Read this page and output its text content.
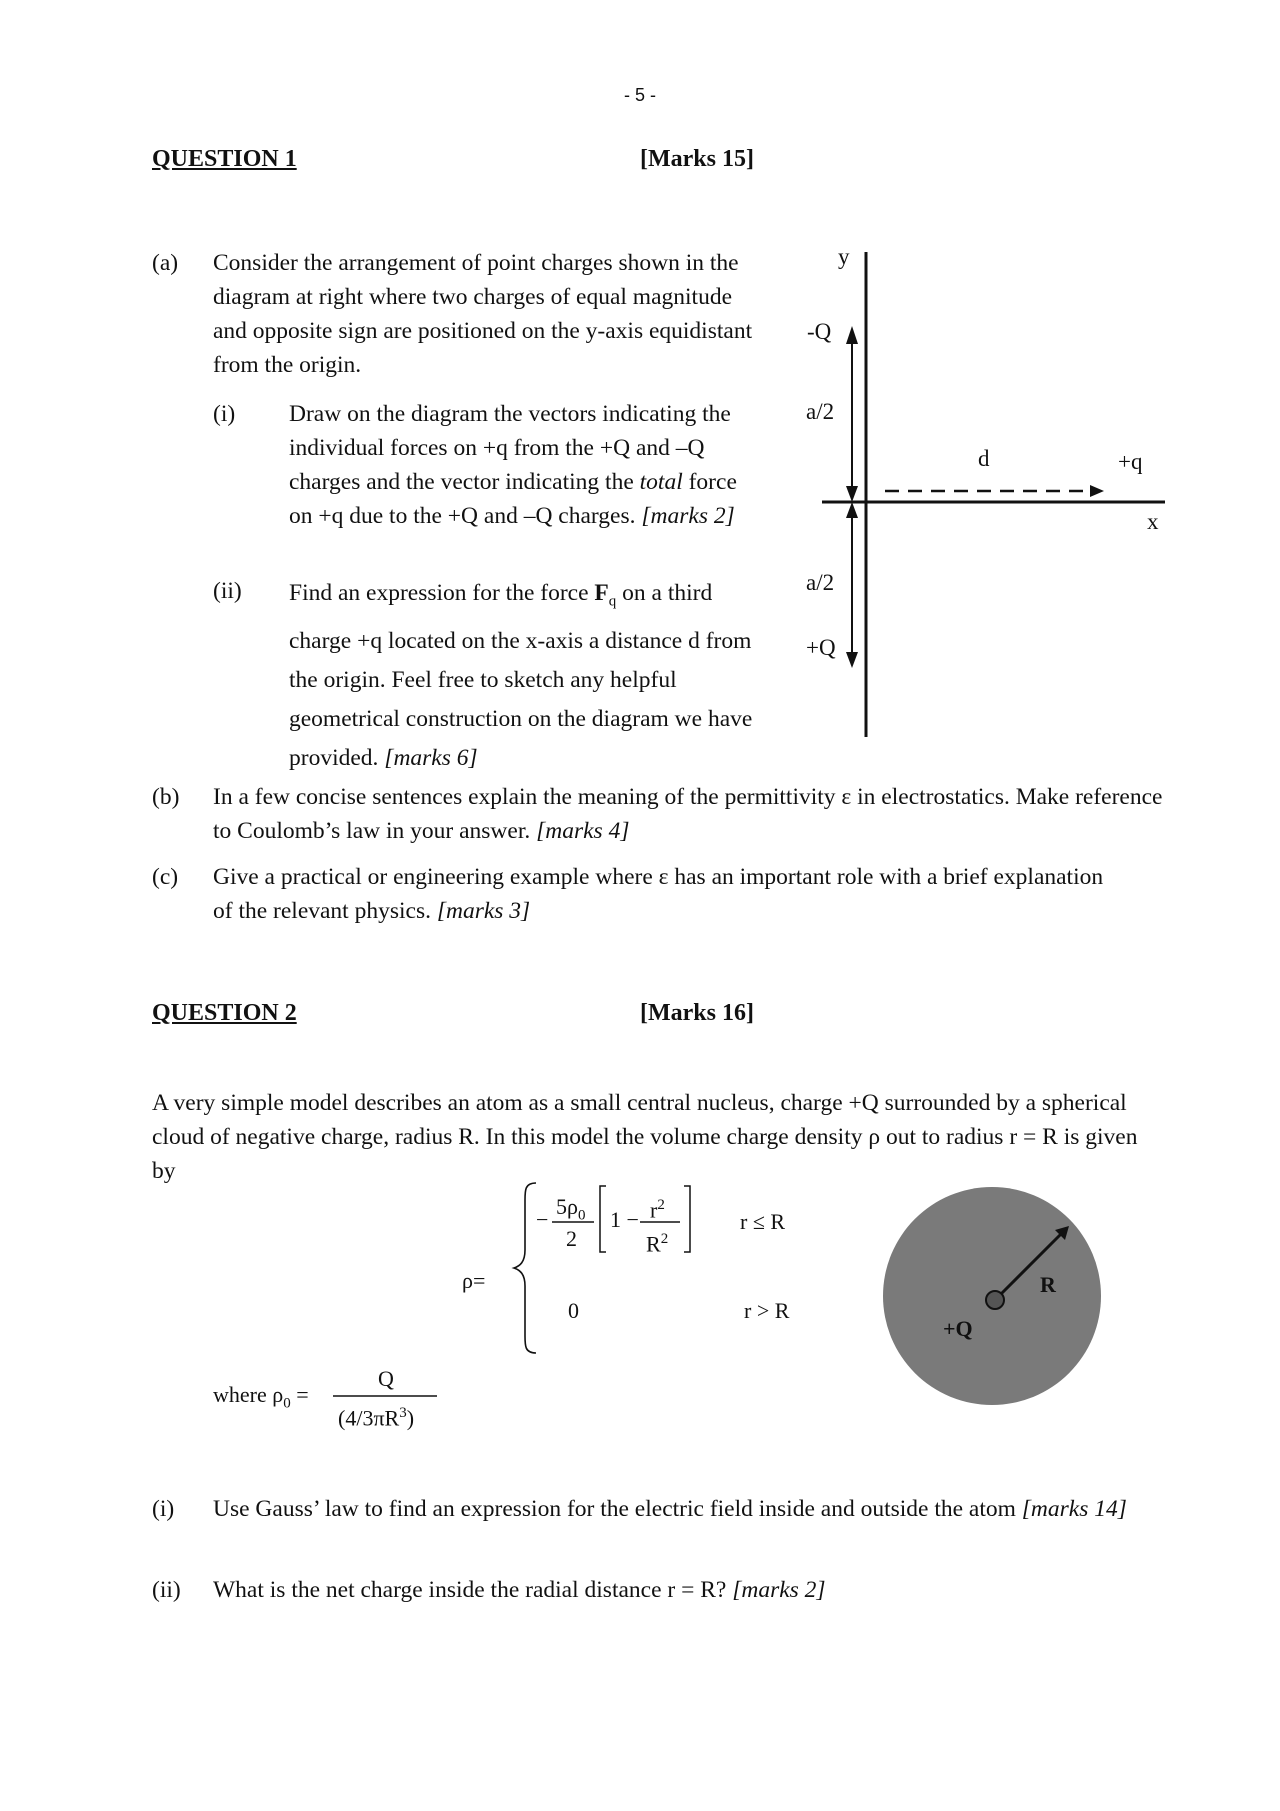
- 5 -
QUESTION 1	[Marks 15]
(a)	Consider the arrangement of point charges shown in the diagram at right where two charges of equal magnitude and opposite sign are positioned on the y-axis equidistant from the origin.

(i)	Draw on the diagram the vectors indicating the individual forces on +q from the +Q and –Q charges and the vector indicating the total force on +q due to the +Q and –Q charges. [marks 2]

(ii)	Find an expression for the force $F_q$ on a third charge +q located on the x-axis a distance d from the origin. Feel free to sketch any helpful geometrical construction on the diagram we have provided. [marks 6]

y
x
-Q
a/2
a/2
+Q
d	+q
(b)	In a few concise sentences explain the meaning of the permittivity ε in electrostatics. Make reference to Coulomb’s law in your answer. [marks 4]

(c)	Give a practical or engineering example where ε has an important role with a brief explanation of the relevant physics. [marks 3]

QUESTION 2	[Marks 16]

A very simple model describes an atom as a small central nucleus, charge +Q surrounded by a spherical cloud of negative charge, radius R. In this model the volume charge density ρ out to radius r = R is given by

ρ=
−
$5\rho_0$
2
$1 - r^2$
$R^2$
r ≤ R
0	r > R
where $\rho_0$ =
Q
$(4/3\pi R^3)$
+Q
R
(i)	Use Gauss’ law to find an expression for the electric field inside and outside the atom [marks 14]

(ii)	What is the net charge inside the radial distance r = R? [marks 2]
